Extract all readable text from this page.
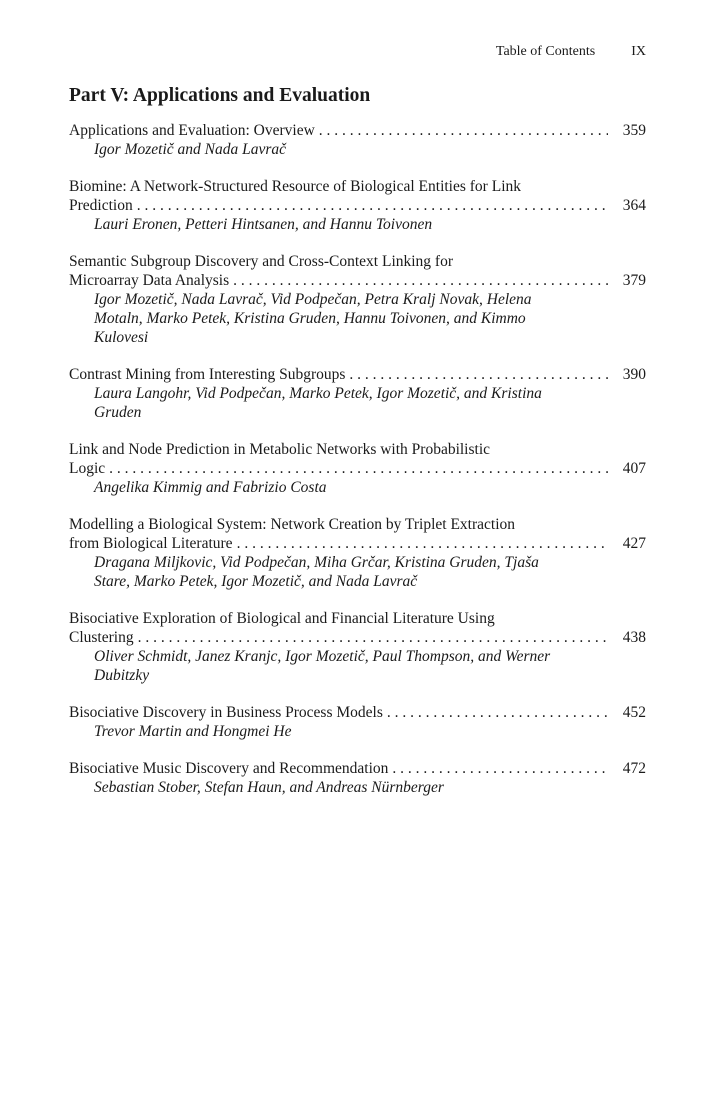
Table of Contents	IX
Part V: Applications and Evaluation
Applications and Evaluation: Overview . . .	359
Igor Mozetič and Nada Lavrač
Biomine: A Network-Structured Resource of Biological Entities for Link
Prediction . . .	364
Lauri Eronen, Petteri Hintsanen, and Hannu Toivonen
Semantic Subgroup Discovery and Cross-Context Linking for
Microarray Data Analysis . . .	379
Igor Mozetič, Nada Lavrač, Vid Podpečan, Petra Kralj Novak, Helena Motaln, Marko Petek, Kristina Gruden, Hannu Toivonen, and Kimmo Kulovesi
Contrast Mining from Interesting Subgroups . . .	390
Laura Langohr, Vid Podpečan, Marko Petek, Igor Mozetič, and Kristina Gruden
Link and Node Prediction in Metabolic Networks with Probabilistic
Logic . . .	407
Angelika Kimmig and Fabrizio Costa
Modelling a Biological System: Network Creation by Triplet Extraction
from Biological Literature . . .	427
Dragana Miljkovic, Vid Podpečan, Miha Grčar, Kristina Gruden, Tjaša Stare, Marko Petek, Igor Mozetič, and Nada Lavrač
Bisociative Exploration of Biological and Financial Literature Using
Clustering . . .	438
Oliver Schmidt, Janez Kranjc, Igor Mozetič, Paul Thompson, and Werner Dubitzky
Bisociative Discovery in Business Process Models . . .	452
Trevor Martin and Hongmei He
Bisociative Music Discovery and Recommendation . . .	472
Sebastian Stober, Stefan Haun, and Andreas Nürnberger
